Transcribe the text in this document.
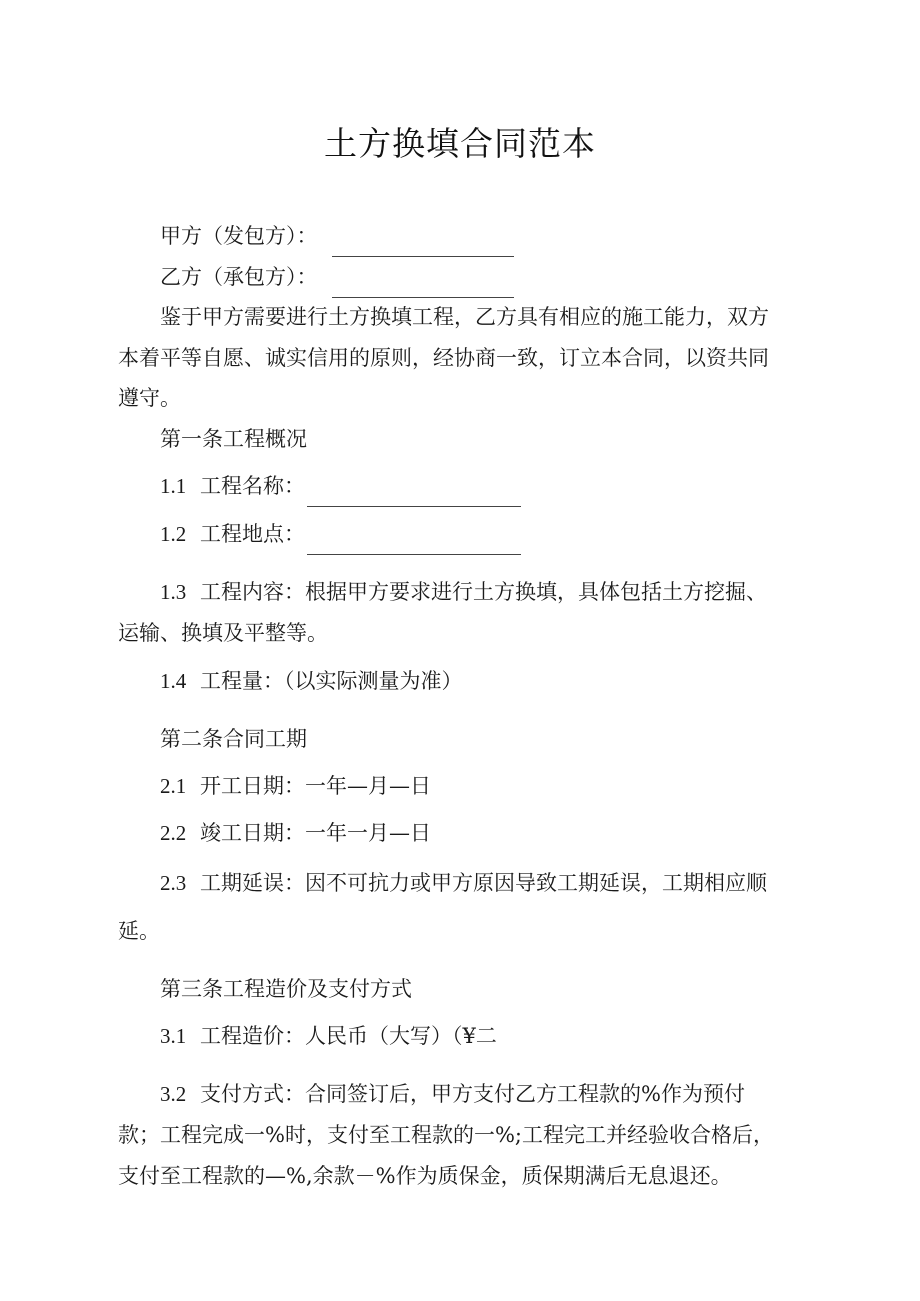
土方换填合同范本
甲方（发包方）：
乙方（承包方）：
鉴于甲方需要进行土方换填工程，乙方具有相应的施工能力，双方
本着平等自愿、诚实信用的原则，经协商一致，订立本合同，以资共同
遵守。
第一条工程概况
1.1 工程名称：
1.2 工程地点：
1.3 工程内容：根据甲方要求进行土方换填，具体包括土方挖掘、
运输、换填及平整等。
1.4 工程量：（以实际测量为准）
第二条合同工期
2.1 开工日期：一年—月—日
2.2 竣工日期：一年一月—日
2.3 工期延误：因不可抗力或甲方原因导致工期延误，工期相应顺
延。
第三条工程造价及支付方式
3.1 工程造价：人民币（大写）（¥二
3.2 支付方式：合同签订后，甲方支付乙方工程款的%作为预付
款；工程完成一%时，支付至工程款的一%;工程完工并经验收合格后，
支付至工程款的—%,余款－%作为质保金，质保期满后无息退还。
